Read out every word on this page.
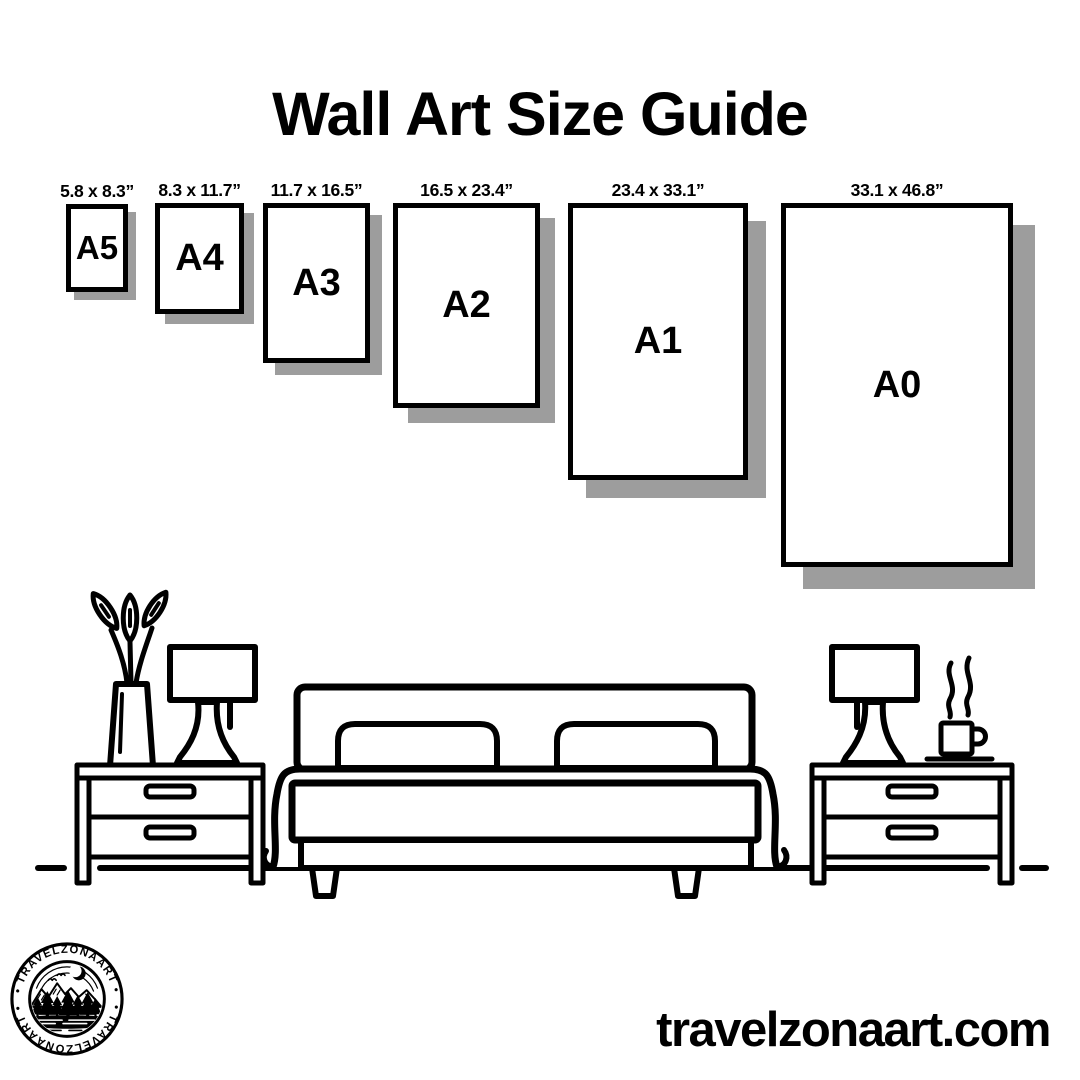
Wall Art Size Guide
5.8 x 8.3”
A5
8.3 x 11.7”
A4
11.7 x 16.5”
A3
16.5 x 23.4”
A2
23.4 x 33.1”
A1
33.1 x 46.8”
A0
• TRAVELZONAART •
• TRAVELZONAART •	travelzonaart.com
